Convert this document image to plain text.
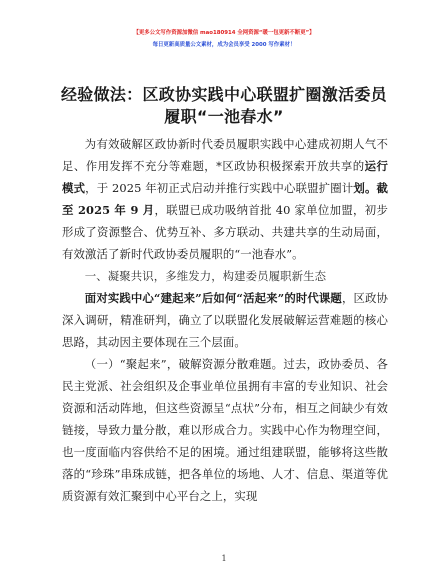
【更多公文写作资源加微信 mao180914 全网资源“暖一包更新不断更”】
每日更新高质量公文素材，成为会员享受 2000 写作素材！
经验做法：区政协实践中心联盟扩圈激活委员
履职“一池春水”

为有效破解区政协新时代委员履职实践中心建成初期人气不足、作用发挥不充分等难题，*区政协积极探索开放共享的运行模式，于 2025 年初正式启动并推行实践中心联盟扩圈计划。截至 2025 年 9 月，联盟已成功吸纳首批 40 家单位加盟，初步形成了资源整合、优势互补、多方联动、共建共享的生动局面，有效激活了新时代政协委员履职的“一池春水”。

一、凝聚共识，多维发力，构建委员履职新生态

面对实践中心“建起来”后如何“活起来”的时代课题，区政协深入调研，精准研判，确立了以联盟化发展破解运营难题的核心思路，其动因主要体现在三个层面。

（一）“聚起来”，破解资源分散难题。过去，政协委员、各民主党派、社会组织及企事业单位虽拥有丰富的专业知识、社会资源和活动阵地，但这些资源呈“点状”分布，相互之间缺少有效链接，导致力量分散，难以形成合力。实践中心作为物理空间，也一度面临内容供给不足的困境。通过组建联盟，能够将这些散落的“珍珠”串珠成链，把各单位的场地、人才、信息、渠道等优质资源有效汇聚到中心平台之上，实现

1
